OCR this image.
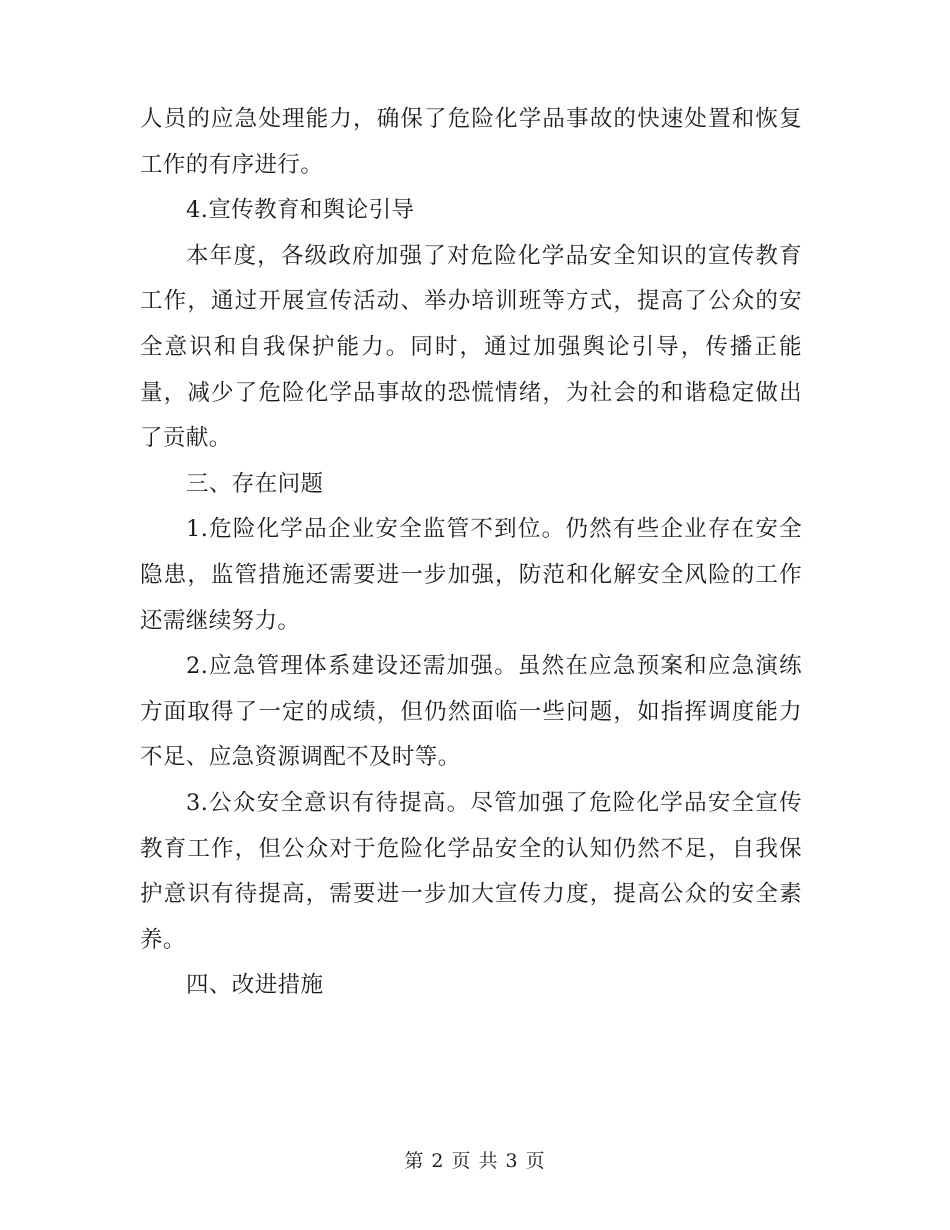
人员的应急处理能力，确保了危险化学品事故的快速处置和恢复工作的有序进行。

4.宣传教育和舆论引导

本年度，各级政府加强了对危险化学品安全知识的宣传教育工作，通过开展宣传活动、举办培训班等方式，提高了公众的安全意识和自我保护能力。同时，通过加强舆论引导，传播正能量，减少了危险化学品事故的恐慌情绪，为社会的和谐稳定做出了贡献。

三、存在问题

1.危险化学品企业安全监管不到位。仍然有些企业存在安全隐患，监管措施还需要进一步加强，防范和化解安全风险的工作还需继续努力。

2.应急管理体系建设还需加强。虽然在应急预案和应急演练方面取得了一定的成绩，但仍然面临一些问题，如指挥调度能力不足、应急资源调配不及时等。

3.公众安全意识有待提高。尽管加强了危险化学品安全宣传教育工作，但公众对于危险化学品安全的认知仍然不足，自我保护意识有待提高，需要进一步加大宣传力度，提高公众的安全素养。

四、改进措施

第 2 页 共 3 页
